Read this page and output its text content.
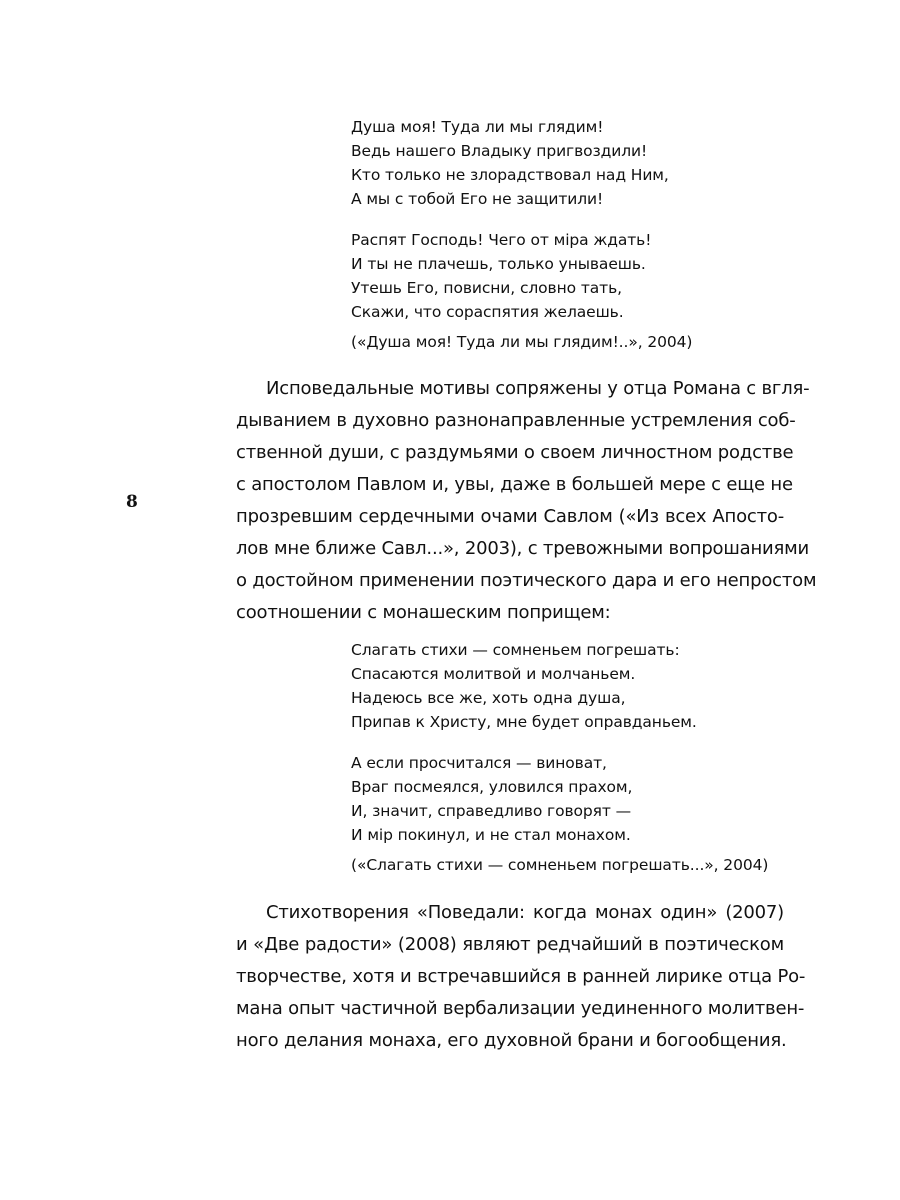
8
Душа моя! Туда ли мы глядим!
Ведь нашего Владыку пригвоздили!
Кто только не злорадствовал над Ним,
А мы с тобой Его не защитили!
Распят Господь! Чего от міра ждать!
И ты не плачешь, только унываешь.
Утешь Его, повисни, словно тать,
Скажи, что сораспятия желаешь.
(«Душа моя! Туда ли мы глядим!..», 2004)
Исповедальные мотивы сопряжены у отца Романа с вгля-
дыванием в духовно разнонаправленные устремления соб-
ственной души, с раздумьями о своем личностном родстве
с апостолом Павлом и, увы, даже в большей мере с еще не
прозревшим сердечными очами Савлом («Из всех Апосто-
лов мне ближе Савл...», 2003), с тревожными вопрошаниями
о достойном применении поэтического дара и его непростом
соотношении с монашеским поприщем:
Слагать стихи — сомненьем погрешать:
Спасаются молитвой и молчаньем.
Надеюсь все же, хоть одна душа,
Припав к Христу, мне будет оправданьем.
А если просчитался — виноват,
Враг посмеялся, уловился прахом,
И, значит, справедливо говорят —
И мір покинул, и не стал монахом.
(«Слагать стихи — сомненьем погрешать...», 2004)
Стихотворения «Поведали: когда монах один» (2007)
и «Две радости» (2008) являют редчайший в поэтическом
творчестве, хотя и встречавшийся в ранней лирике отца Ро-
мана опыт частичной вербализации уединенного молитвен-
ного делания монаха, его духовной брани и богообщения.
